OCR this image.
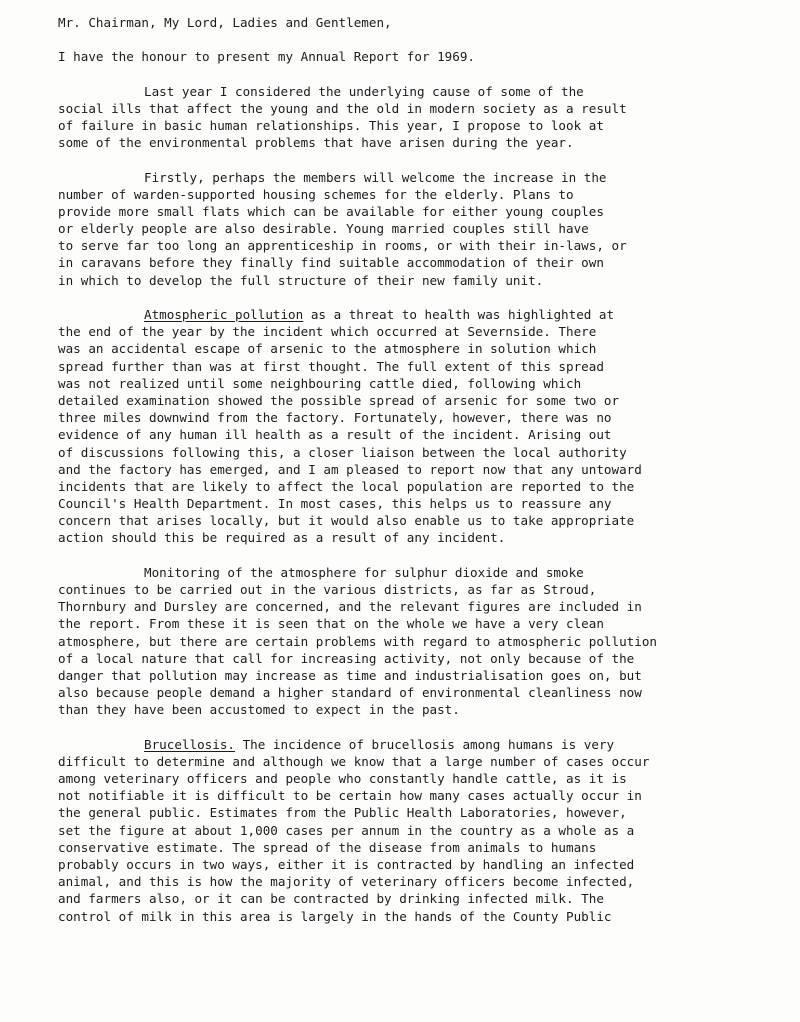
Mr. Chairman, My Lord, Ladies and Gentlemen,
I have the honour to present my Annual Report for 1969.
Last year I considered the underlying cause of some of the
social ills that affect the young and the old in modern society as a result
of failure in basic human relationships. This year, I propose to look at
some of the environmental problems that have arisen during the year.
Firstly, perhaps the members will welcome the increase in the
number of warden-supported housing schemes for the elderly. Plans to
provide more small flats which can be available for either young couples
or elderly people are also desirable. Young married couples still have
to serve far too long an apprenticeship in rooms, or with their in-laws, or
in caravans before they finally find suitable accommodation of their own
in which to develop the full structure of their new family unit.
Atmospheric pollution as a threat to health was highlighted at
the end of the year by the incident which occurred at Severnside. There
was an accidental escape of arsenic to the atmosphere in solution which
spread further than was at first thought. The full extent of this spread
was not realized until some neighbouring cattle died, following which
detailed examination showed the possible spread of arsenic for some two or
three miles downwind from the factory. Fortunately, however, there was no
evidence of any human ill health as a result of the incident. Arising out
of discussions following this, a closer liaison between the local authority
and the factory has emerged, and I am pleased to report now that any untoward
incidents that are likely to affect the local population are reported to the
Council's Health Department. In most cases, this helps us to reassure any
concern that arises locally, but it would also enable us to take appropriate
action should this be required as a result of any incident.
Monitoring of the atmosphere for sulphur dioxide and smoke
continues to be carried out in the various districts, as far as Stroud,
Thornbury and Dursley are concerned, and the relevant figures are included in
the report. From these it is seen that on the whole we have a very clean
atmosphere, but there are certain problems with regard to atmospheric pollution
of a local nature that call for increasing activity, not only because of the
danger that pollution may increase as time and industrialisation goes on, but
also because people demand a higher standard of environmental cleanliness now
than they have been accustomed to expect in the past.
Brucellosis. The incidence of brucellosis among humans is very
difficult to determine and although we know that a large number of cases occur
among veterinary officers and people who constantly handle cattle, as it is
not notifiable it is difficult to be certain how many cases actually occur in
the general public. Estimates from the Public Health Laboratories, however,
set the figure at about 1,000 cases per annum in the country as a whole as a
conservative estimate. The spread of the disease from animals to humans
probably occurs in two ways, either it is contracted by handling an infected
animal, and this is how the majority of veterinary officers become infected,
and farmers also, or it can be contracted by drinking infected milk. The
control of milk in this area is largely in the hands of the County Public
